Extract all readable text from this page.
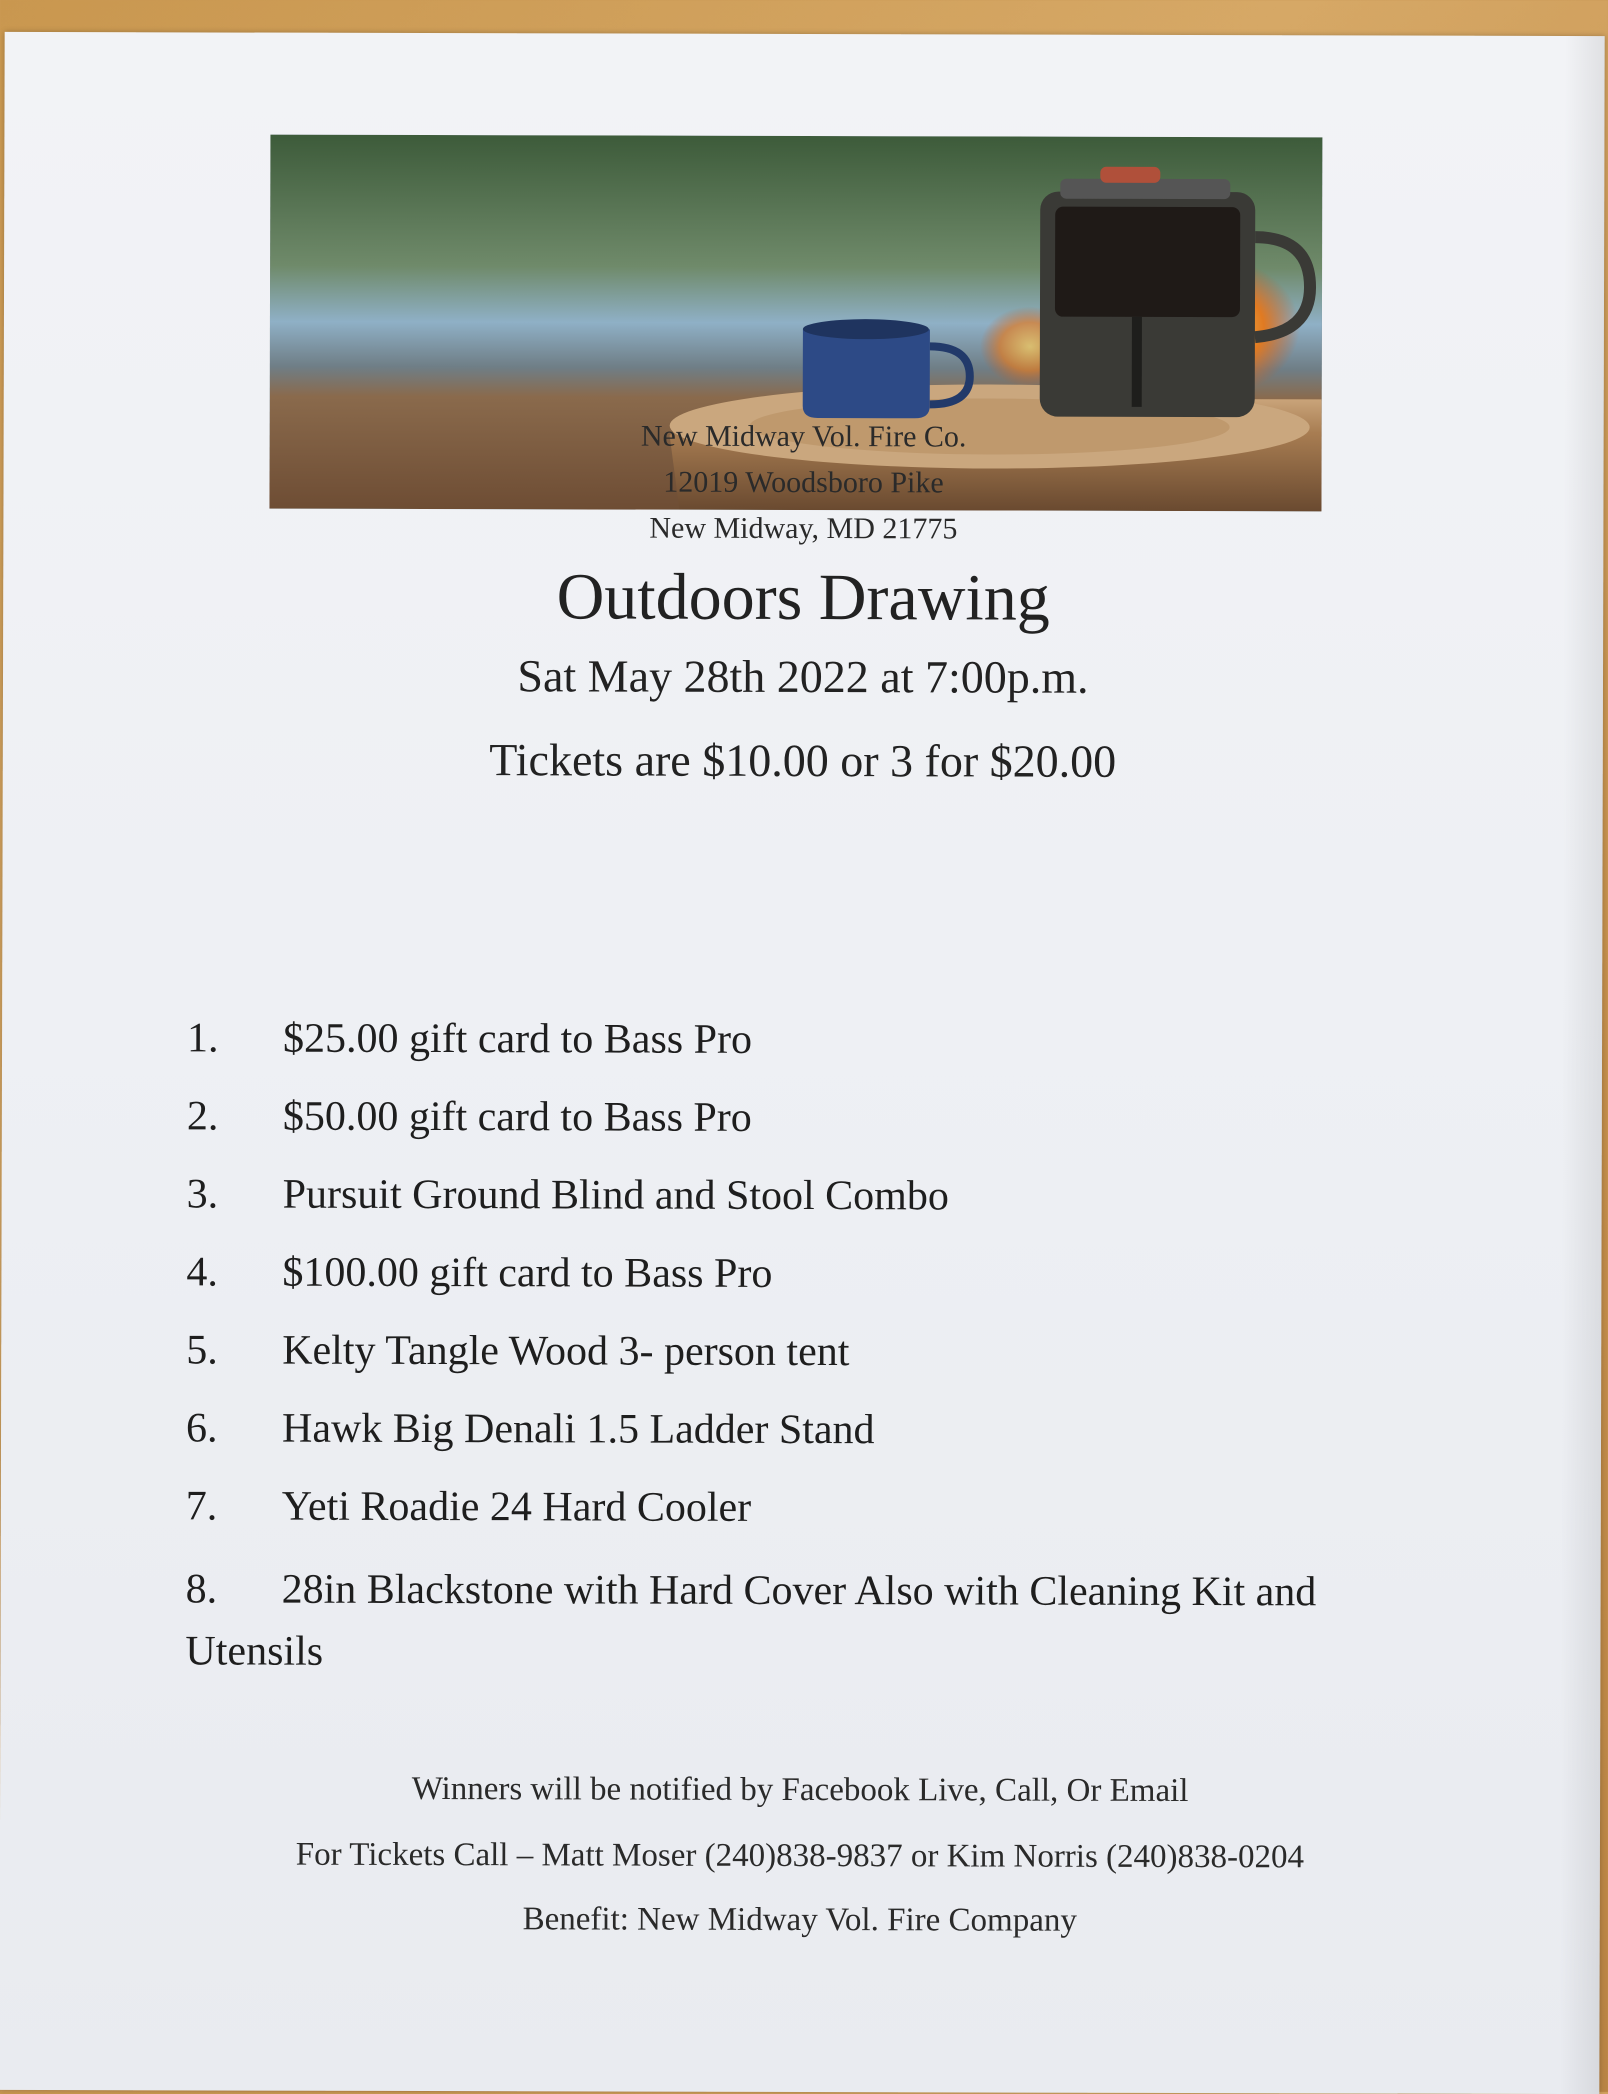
New Midway Vol. Fire Co.
12019 Woodsboro Pike
New Midway, MD 21775
Outdoors Drawing
Sat May 28th 2022 at 7:00p.m.
Tickets are $10.00 or 3 for $20.00
1.	$25.00 gift card to Bass Pro
2.	$50.00 gift card to Bass Pro
3.	Pursuit Ground Blind and Stool Combo
4.	$100.00 gift card to Bass Pro
5.	Kelty Tangle Wood 3- person tent
6.	Hawk Big Denali 1.5 Ladder Stand
7.	Yeti Roadie 24 Hard Cooler
8. 28in Blackstone with Hard Cover Also with Cleaning Kit and Utensils
Winners will be notified by Facebook Live, Call, Or Email
For Tickets Call – Matt Moser (240)838-9837 or Kim Norris (240)838-0204
Benefit: New Midway Vol. Fire Company
